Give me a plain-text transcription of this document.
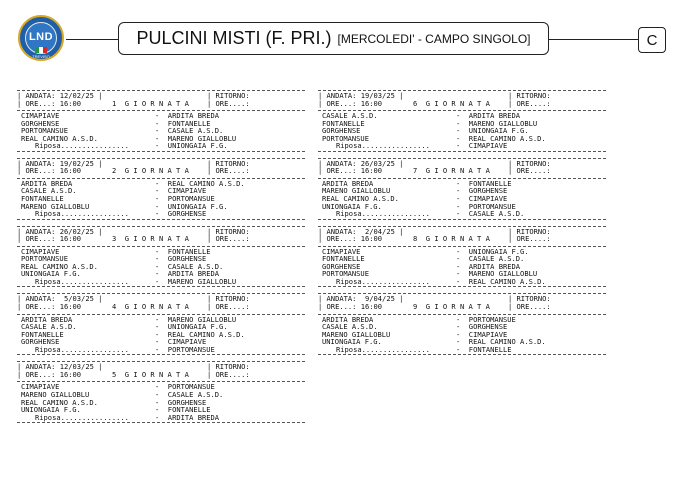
LND
TREVISO
PULCINI MISTI (F. PRI.) [MERCOLEDI' - CAMPO SINGOLO]	C
| ANDATA: 12/02/25 |	| RITORNO:
| ORE...: 16:00	1  G I O R N A T A	| ORE....:
CIMAPIAVE	-  ARDITA BREDA
GORGHENSE	-  FONTANELLE
PORTOMANSUE	-  CASALE A.S.D.
REAL CAMINO A.S.D.	-  MARENO GIALLOBLU
Riposa................	-  UNIONGAIA F.G.
| ANDATA: 19/02/25 |	| RITORNO:
| ORE...: 16:00	2  G I O R N A T A	| ORE....:
ARDITA BREDA	-  REAL CAMINO A.S.D.
CASALE A.S.D.	-  CIMAPIAVE
FONTANELLE	-  PORTOMANSUE
MARENO GIALLOBLU	-  UNIONGAIA F.G.
Riposa................	-  GORGHENSE
| ANDATA: 26/02/25 |	| RITORNO:
| ORE...: 16:00	3  G I O R N A T A	| ORE....:
CIMAPIAVE	-  FONTANELLE
PORTOMANSUE	-  GORGHENSE
REAL CAMINO A.S.D.	-  CASALE A.S.D.
UNIONGAIA F.G.	-  ARDITA BREDA
Riposa................	-  MARENO GIALLOBLU
| ANDATA:  5/03/25 |	| RITORNO:
| ORE...: 16:00	4  G I O R N A T A	| ORE....:
ARDITA BREDA	-  MARENO GIALLOBLU
CASALE A.S.D.	-  UNIONGAIA F.G.
FONTANELLE	-  REAL CAMINO A.S.D.
GORGHENSE	-  CIMAPIAVE
Riposa................	-  PORTOMANSUE
| ANDATA: 12/03/25 |	| RITORNO:
| ORE...: 16:00	5  G I O R N A T A	| ORE....:
CIMAPIAVE	-  PORTOMANSUE
MARENO GIALLOBLU	-  CASALE A.S.D.
REAL CAMINO A.S.D.	-  GORGHENSE
UNIONGAIA F.G.	-  FONTANELLE
Riposa................	-  ARDITA BREDA
| ANDATA: 19/03/25 |	| RITORNO:
| ORE...: 16:00	6  G I O R N A T A	| ORE....:
CASALE A.S.D.	-  ARDITA BREDA
FONTANELLE	-  MARENO GIALLOBLU
GORGHENSE	-  UNIONGAIA F.G.
PORTOMANSUE	-  REAL CAMINO A.S.D.
Riposa................	-  CIMAPIAVE
| ANDATA: 26/03/25 |	| RITORNO:
| ORE...: 16:00	7  G I O R N A T A	| ORE....:
ARDITA BREDA	-  FONTANELLE
MARENO GIALLOBLU	-  GORGHENSE
REAL CAMINO A.S.D.	-  CIMAPIAVE
UNIONGAIA F.G.	-  PORTOMANSUE
Riposa................	-  CASALE A.S.D.
| ANDATA:  2/04/25 |	| RITORNO:
| ORE...: 16:00	8  G I O R N A T A	| ORE....:
CIMAPIAVE	-  UNIONGAIA F.G.
FONTANELLE	-  CASALE A.S.D.
GORGHENSE	-  ARDITA BREDA
PORTOMANSUE	-  MARENO GIALLOBLU
Riposa................	-  REAL CAMINO A.S.D.
| ANDATA:  9/04/25 |	| RITORNO:
| ORE...: 16:00	9  G I O R N A T A	| ORE....:
ARDITA BREDA	-  PORTOMANSUE
CASALE A.S.D.	-  GORGHENSE
MARENO GIALLOBLU	-  CIMAPIAVE
UNIONGAIA F.G.	-  REAL CAMINO A.S.D.
Riposa................	-  FONTANELLE
